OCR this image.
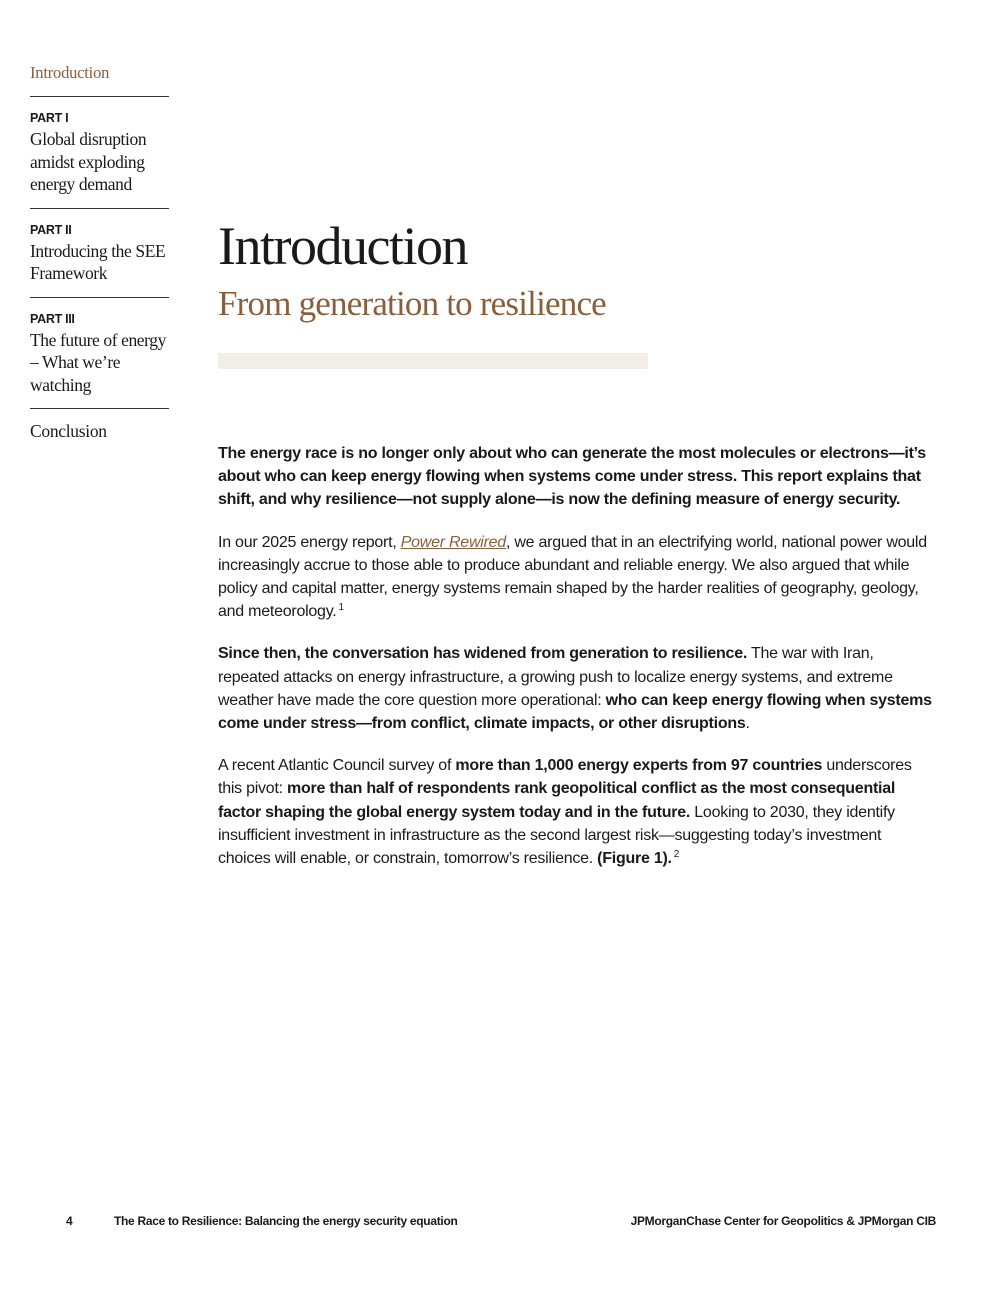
Introduction
PART I
Global disruption amidst exploding energy demand
PART II
Introducing the SEE Framework
PART III
The future of energy – What we’re watching
Conclusion
Introduction
From generation to resilience

The energy race is no longer only about who can generate the most molecules or electrons—it’s about who can keep energy flowing when systems come under stress. This report explains that shift, and why resilience—not supply alone—is now the defining measure of energy security.

In our 2025 energy report, Power Rewired, we argued that in an electrifying world, national power would increasingly accrue to those able to produce abundant and reliable energy. We also argued that while policy and capital matter, energy systems remain shaped by the harder realities of geography, geology, and meteorology. $^1$

Since then, the conversation has widened from generation to resilience. The war with Iran, repeated attacks on energy infrastructure, a growing push to localize energy systems, and extreme weather have made the core question more operational: who can keep energy flowing when systems come under stress—from conflict, climate impacts, or other disruptions.

A recent Atlantic Council survey of more than 1,000 energy experts from 97 countries underscores this pivot: more than half of respondents rank geopolitical conflict as the most consequential factor shaping the global energy system today and in the future. Looking to 2030, they identify insufficient investment in infrastructure as the second largest risk—suggesting today’s investment choices will enable, or constrain, tomorrow’s resilience. (Figure 1). $^2$

4	The Race to Resilience: Balancing the energy security equation	JPMorganChase Center for Geopolitics & JPMorgan CIB
